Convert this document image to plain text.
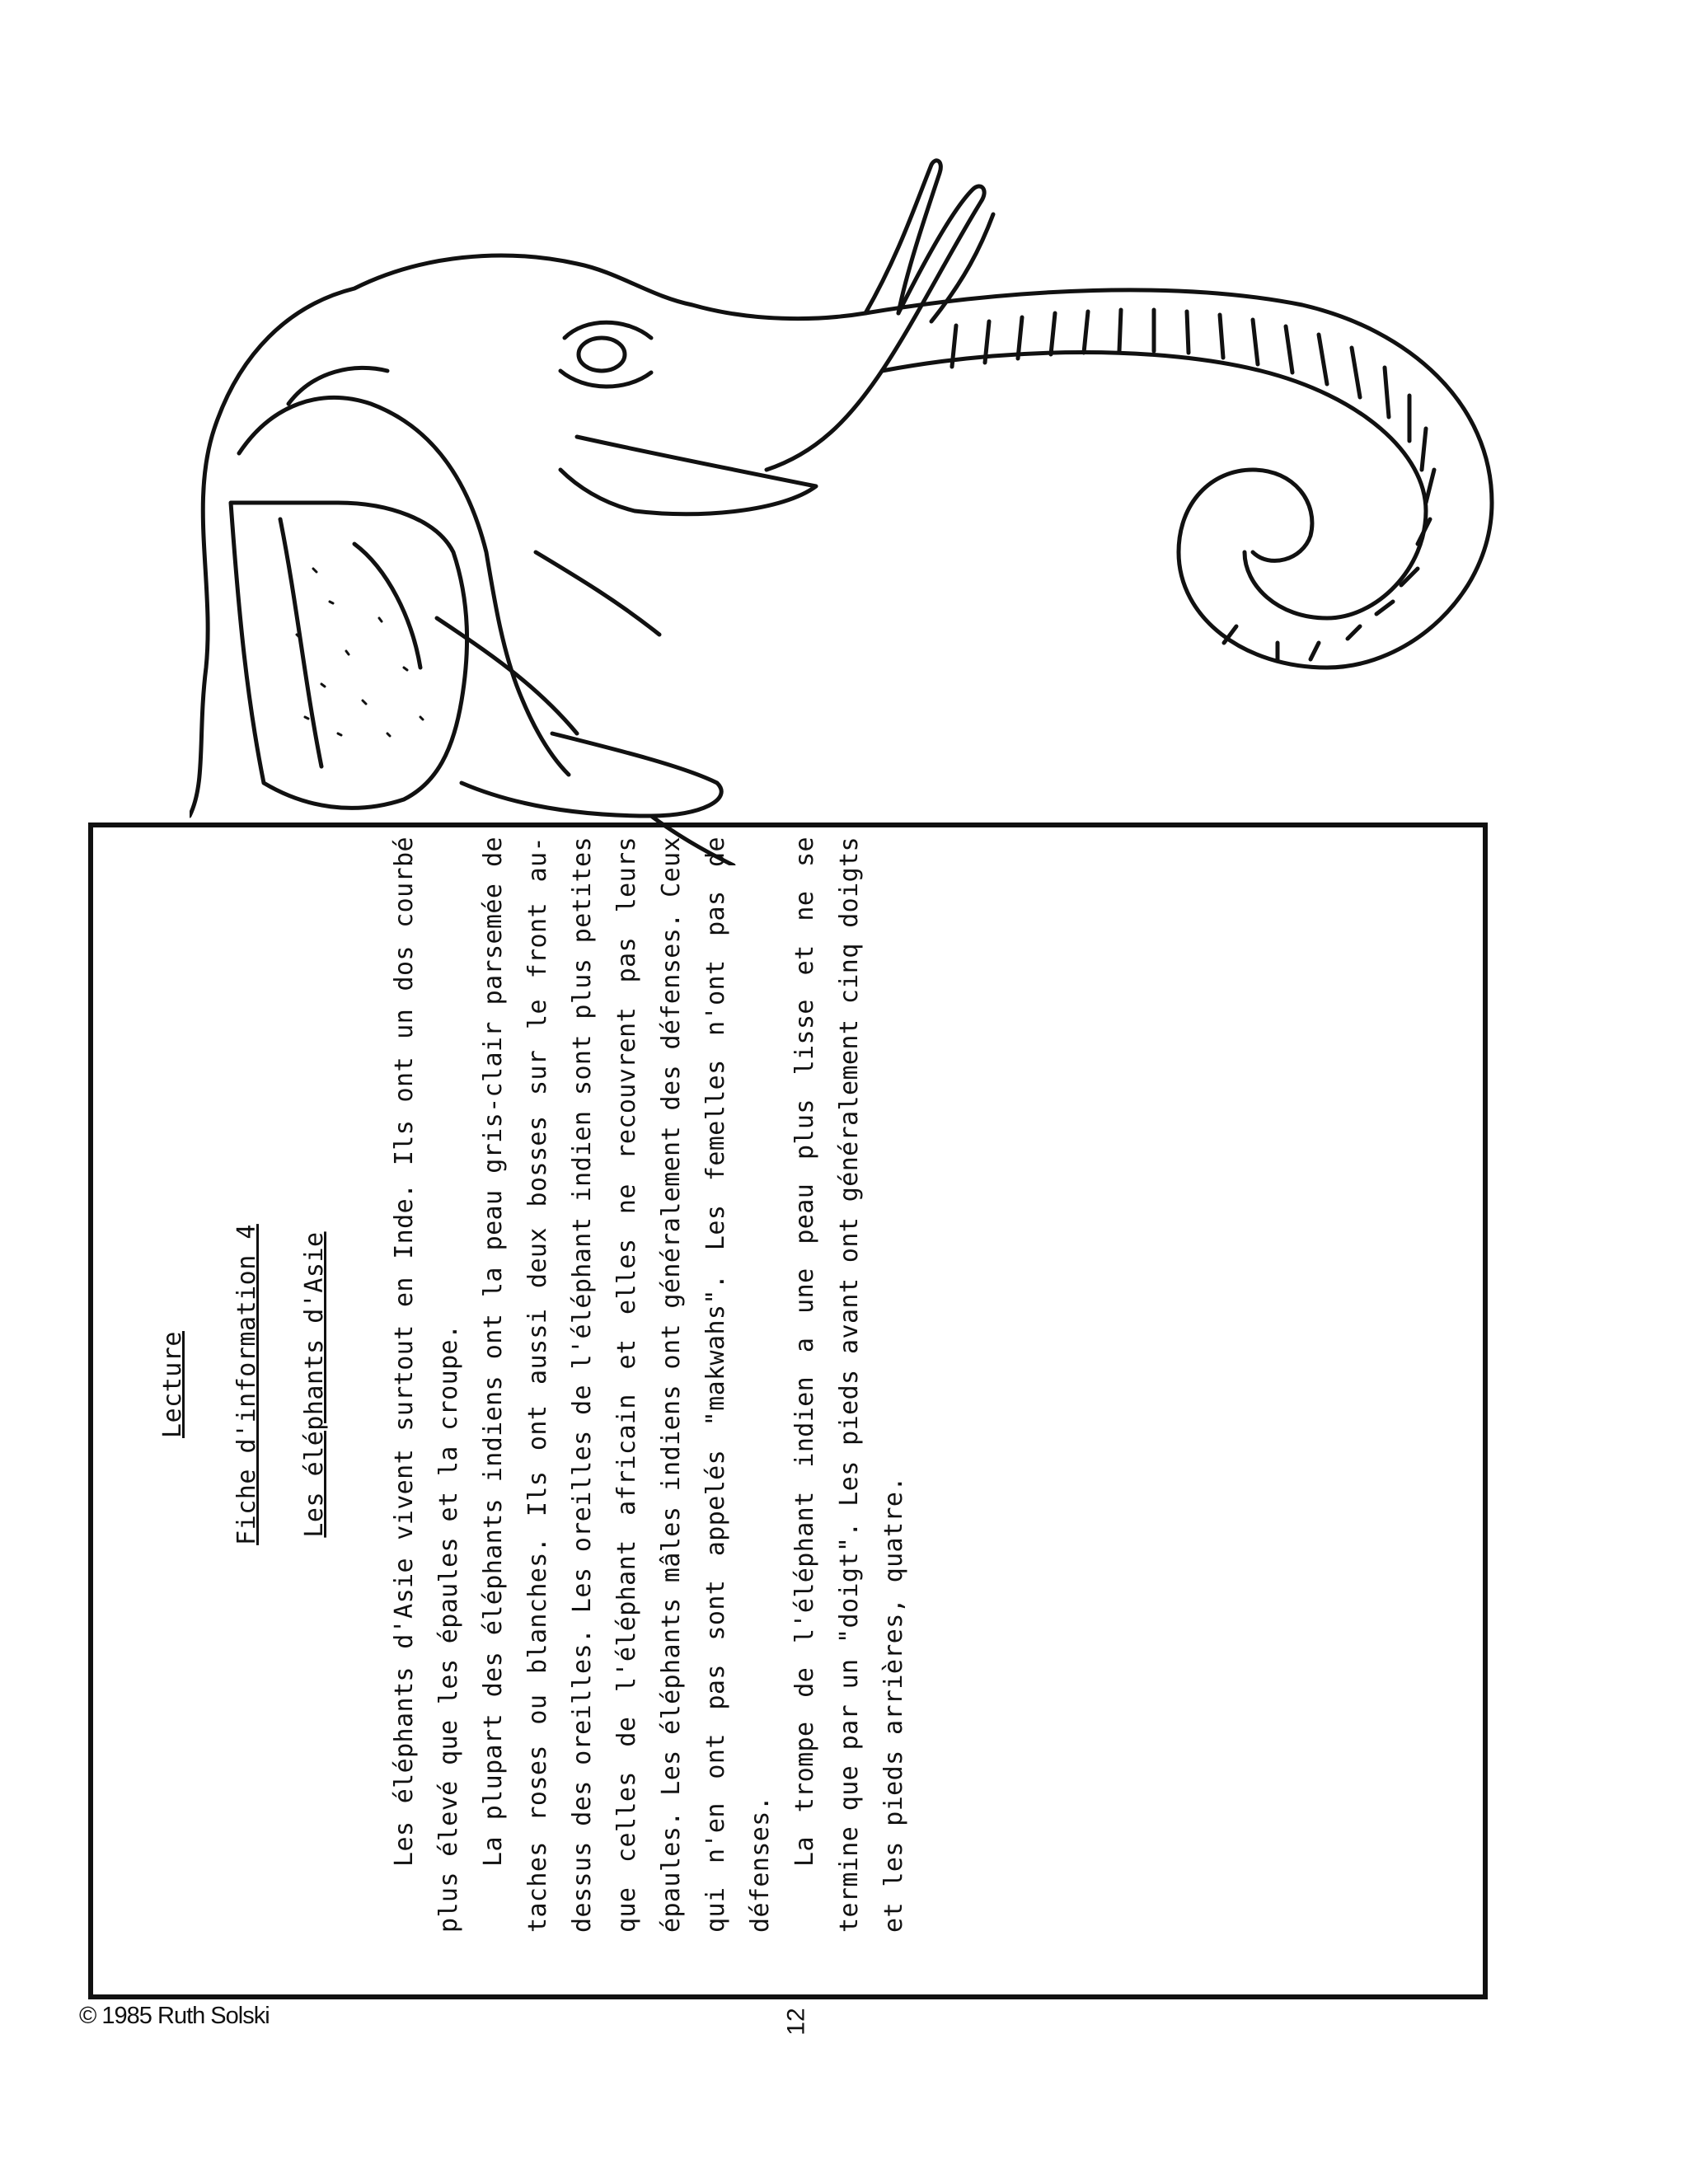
Lecture Fiche d'information 4 Les éléphants d'Asie	Les éléphants d'Asie vivent surtout en Inde. Ils ont un dos courbé plus élevé que les épaules et la croupe. La plupart des éléphants indiens ont la peau gris-clair parsemée de taches roses ou blanches. Ils ont aussi deux bosses sur le front au-dessus des oreilles. Les oreilles de l'éléphant indien sont plus petites que celles de l'éléphant africain et elles ne recouvrent pas leurs épaules. Les éléphants mâles indiens ont généralement des défenses. Ceux qui n'en ont pas sont appelés "makwahs". Les femelles n'ont pas de défenses. La trompe de l'éléphant indien a une peau plus lisse et ne se termine que par un "doigt". Les pieds avant ont généralement cinq doigts et les pieds arrières, quatre.

© 1985 Ruth Solski	12
